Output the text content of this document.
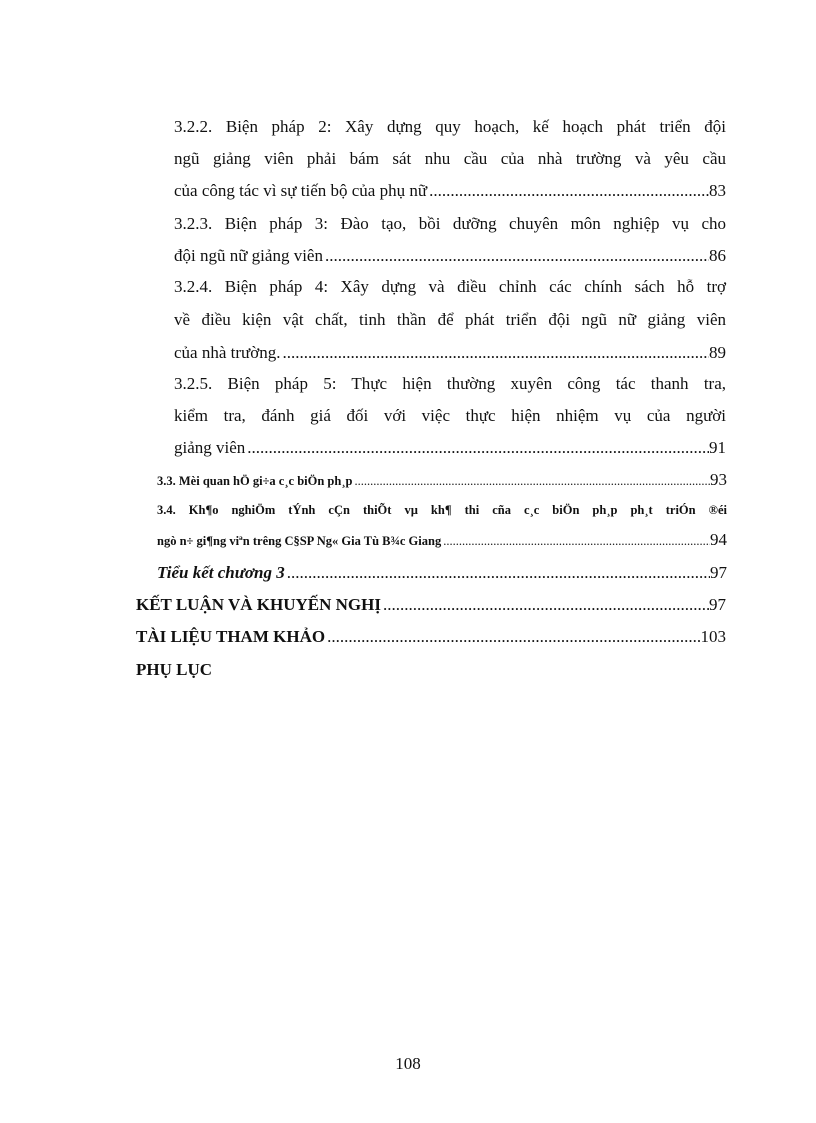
3.2.2. Biện pháp 2: Xây dựng quy hoạch, kế hoạch phát triển đội
ngũ giảng viên phải bám sát nhu cầu của nhà trường và yêu cầu
của công tác vì sự tiến bộ của phụ nữ .....	83
3.2.3. Biện pháp 3: Đào tạo, bồi dưỡng chuyên môn nghiệp vụ cho
đội ngũ nữ giảng viên .....	86
3.2.4. Biện pháp 4: Xây dựng và điều chỉnh các chính sách hỗ trợ
về điều kiện vật chất, tinh thần để phát triển đội ngũ nữ giảng viên
của nhà trường. .....	89
3.2.5. Biện pháp 5: Thực hiện thường xuyên công tác thanh tra,
kiểm tra, đánh giá đối với việc thực hiện nhiệm vụ của người
giảng viên .....	91
3.3. Mèi quan hÖ gi÷a c¸c biÖn ph¸p .....	93
3.4. Kh¶o nghiÖm tÝnh cÇn thiÕt vµ kh¶ thi cña c¸c biÖn ph¸p ph¸t triÓn ®éi
ngò n÷ gi¶ng viªn trêng C§SP Ng« Gia Tù B¾c Giang .....	94
Tiểu kết chương 3 .....	97
KẾT LUẬN VÀ KHUYẾN NGHỊ .....	97
TÀI LIỆU THAM KHẢO .....	103
PHỤ LỤC
108
